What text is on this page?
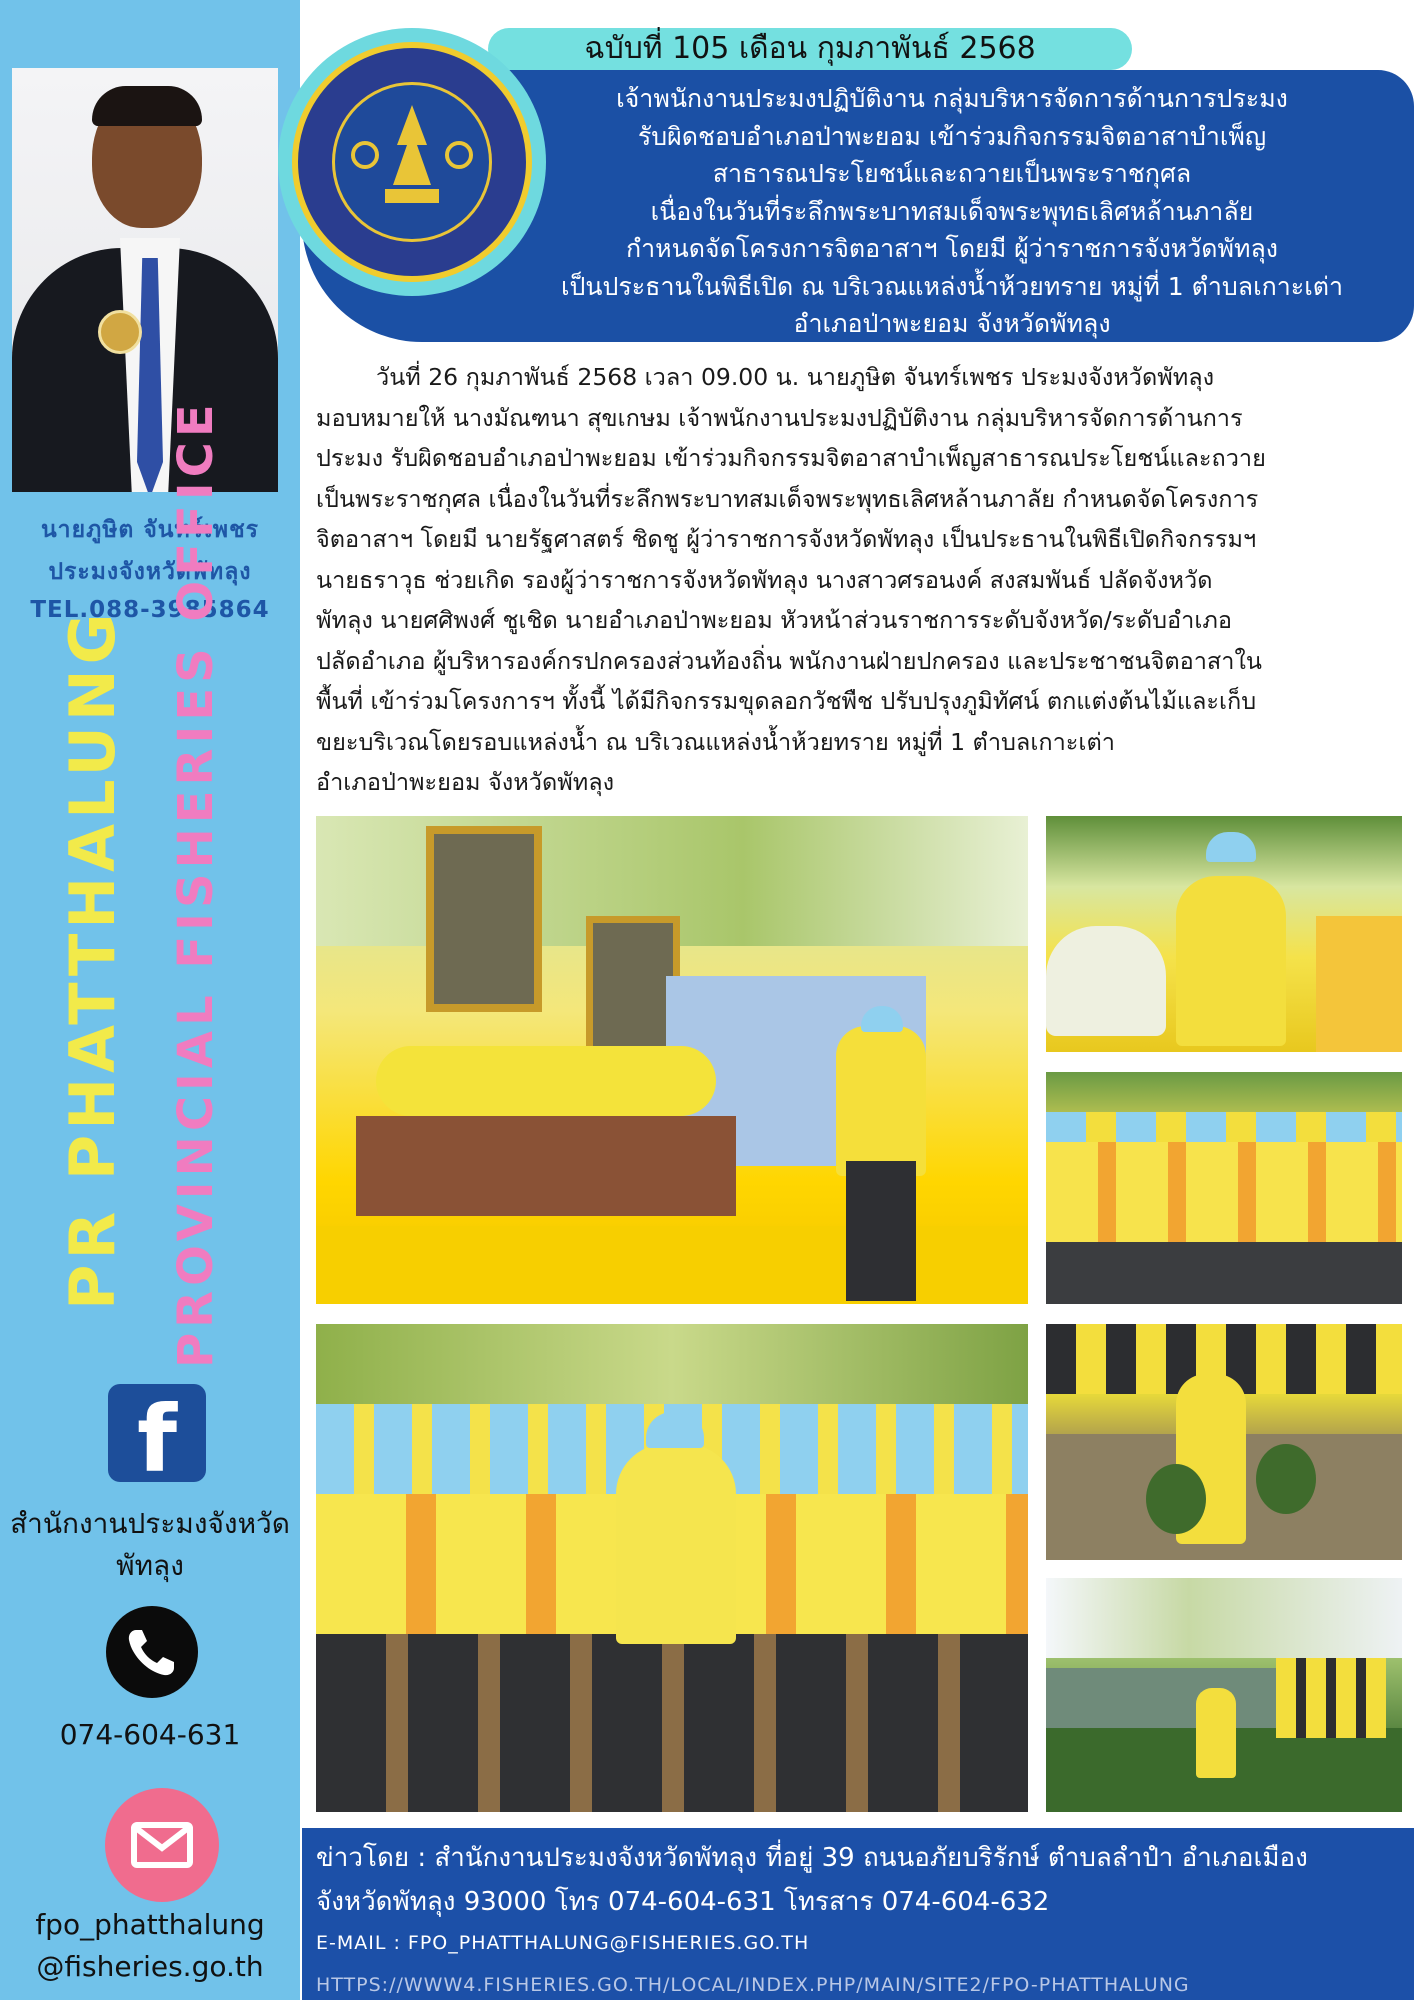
นายภูษิต จันทร์เพชร
ประมงจังหวัดพัทลุง
TEL.088-3985864
PR PHATTHALUNG PROVINCIAL FISHERIES OFFICE
f
สำนักงานประมงจังหวัด
พัทลุง
074-604-631
fpo_phatthalung
@fisheries.go.th
เจ้าพนักงานประมงปฏิบัติงาน กลุ่มบริหารจัดการด้านการประมง
รับผิดชอบอำเภอป่าพะยอม เข้าร่วมกิจกรรมจิตอาสาบำเพ็ญ
สาธารณประโยชน์และถวายเป็นพระราชกุศล
เนื่องในวันที่ระลึกพระบาทสมเด็จพระพุทธเลิศหล้านภาลัย
กำหนดจัดโครงการจิตอาสาฯ โดยมี ผู้ว่าราชการจังหวัดพัทลุง
เป็นประธานในพิธีเปิด ณ บริเวณแหล่งน้ำห้วยทราย หมู่ที่ 1 ตำบลเกาะเต่า
อำเภอป่าพะยอม จังหวัดพัทลุง
ฉบับที่ 105 เดือน กุมภาพันธ์ 2568
วันที่ 26 กุมภาพันธ์ 2568 เวลา 09.00 น. นายภูษิต จันทร์เพชร ประมงจังหวัดพัทลุง
มอบหมายให้ นางมัณฑนา สุขเกษม เจ้าพนักงานประมงปฏิบัติงาน กลุ่มบริหารจัดการด้านการ
ประมง รับผิดชอบอำเภอป่าพะยอม เข้าร่วมกิจกรรมจิตอาสาบำเพ็ญสาธารณประโยชน์และถวาย
เป็นพระราชกุศล เนื่องในวันที่ระลึกพระบาทสมเด็จพระพุทธเลิศหล้านภาลัย กำหนดจัดโครงการ
จิตอาสาฯ โดยมี นายรัฐศาสตร์ ชิดชู ผู้ว่าราชการจังหวัดพัทลุง เป็นประธานในพิธีเปิดกิจกรรมฯ
นายธราวุธ ช่วยเกิด รองผู้ว่าราชการจังหวัดพัทลุง นางสาวศรอนงค์ สงสมพันธ์ ปลัดจังหวัด
พัทลุง นายศศิพงศ์ ชูเชิด นายอำเภอป่าพะยอม หัวหน้าส่วนราชการระดับจังหวัด/ระดับอำเภอ
ปลัดอำเภอ ผู้บริหารองค์กรปกครองส่วนท้องถิ่น พนักงานฝ่ายปกครอง และประชาชนจิตอาสาใน
พื้นที่ เข้าร่วมโครงการฯ ทั้งนี้ ได้มีกิจกรรมขุดลอกวัชพืช ปรับปรุงภูมิทัศน์ ตกแต่งต้นไม้และเก็บ
ขยะบริเวณโดยรอบแหล่งน้ำ ณ บริเวณแหล่งน้ำห้วยทราย หมู่ที่ 1 ตำบลเกาะเต่า
อำเภอป่าพะยอม จังหวัดพัทลุง
ข่าวโดย : สำนักงานประมงจังหวัดพัทลุง ที่อยู่ 39 ถนนอภัยบริรักษ์ ตำบลลำปำ อำเภอเมือง
จังหวัดพัทลุง 93000 โทร 074-604-631 โทรสาร 074-604-632
E-MAIL : FPO_PHATTHALUNG@FISHERIES.GO.TH
HTTPS://WWW4.FISHERIES.GO.TH/LOCAL/INDEX.PHP/MAIN/SITE2/FPO-PHATTHALUNG
